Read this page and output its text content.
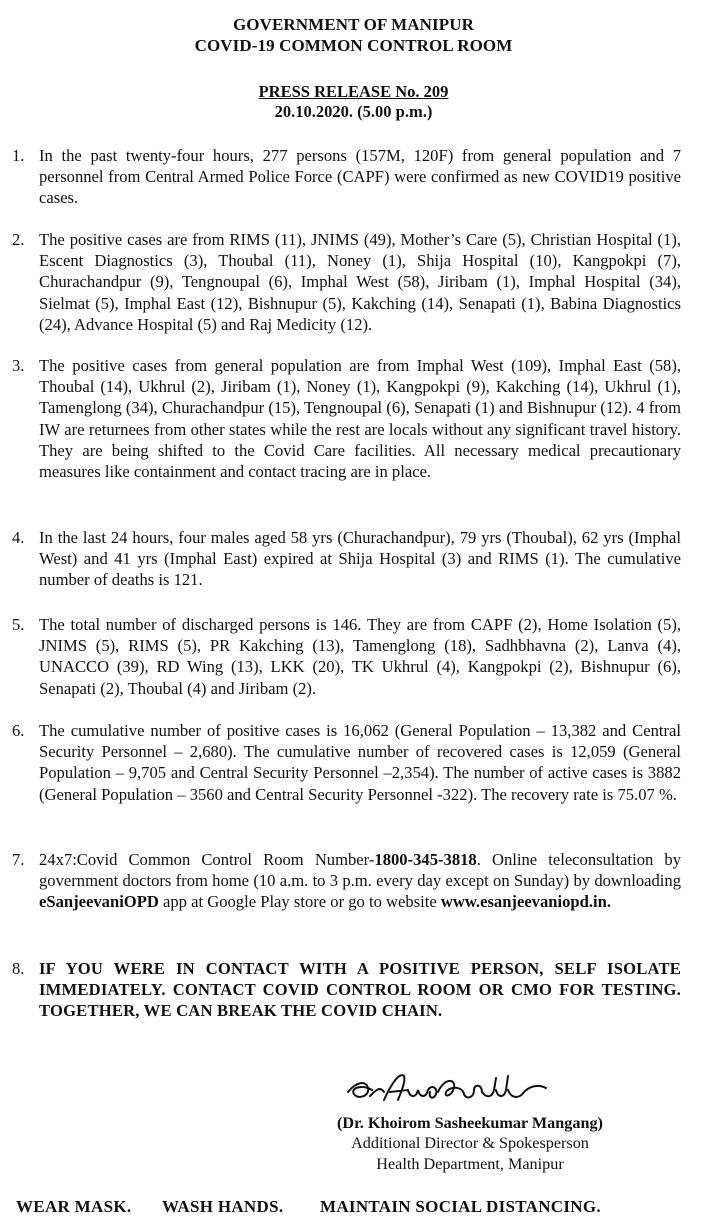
GOVERNMENT OF MANIPUR
COVID-19 COMMON CONTROL ROOM
PRESS RELEASE No. 209
20.10.2020. (5.00 p.m.)
1. In the past twenty-four hours, 277 persons (157M, 120F) from general population and 7 personnel from Central Armed Police Force (CAPF) were confirmed as new COVID19 positive cases.
2. The positive cases are from RIMS (11), JNIMS (49), Mother’s Care (5), Christian Hospital (1), Escent Diagnostics (3), Thoubal (11), Noney (1), Shija Hospital (10), Kangpokpi (7), Churachandpur (9), Tengnoupal (6), Imphal West (58), Jiribam (1), Imphal Hospital (34), Sielmat (5), Imphal East (12), Bishnupur (5), Kakching (14), Senapati (1), Babina Diagnostics (24), Advance Hospital (5) and Raj Medicity (12).
3. The positive cases from general population are from Imphal West (109), Imphal East (58), Thoubal (14), Ukhrul (2), Jiribam (1), Noney (1), Kangpokpi (9), Kakching (14), Ukhrul (1), Tamenglong (34), Churachandpur (15), Tengnoupal (6), Senapati (1) and Bishnupur (12). 4 from IW are returnees from other states while the rest are locals without any significant travel history. They are being shifted to the Covid Care facilities. All necessary medical precautionary measures like containment and contact tracing are in place.
4. In the last 24 hours, four males aged 58 yrs (Churachandpur), 79 yrs (Thoubal), 62 yrs (Imphal West) and 41 yrs (Imphal East) expired at Shija Hospital (3) and RIMS (1). The cumulative number of deaths is 121.
5. The total number of discharged persons is 146. They are from CAPF (2), Home Isolation (5), JNIMS (5), RIMS (5), PR Kakching (13), Tamenglong (18), Sadhbhavna (2), Lanva (4), UNACCO (39), RD Wing (13), LKK (20), TK Ukhrul (4), Kangpokpi (2), Bishnupur (6), Senapati (2), Thoubal (4) and Jiribam (2).
6. The cumulative number of positive cases is 16,062 (General Population – 13,382 and Central Security Personnel – 2,680). The cumulative number of recovered cases is 12,059 (General Population – 9,705 and Central Security Personnel –2,354). The number of active cases is 3882 (General Population – 3560 and Central Security Personnel -322). The recovery rate is 75.07 %.
7. 24x7:Covid Common Control Room Number-1800-345-3818. Online teleconsultation by government doctors from home (10 a.m. to 3 p.m. every day except on Sunday) by downloading eSanjeevaniOPD app at Google Play store or go to website www.esanjeevaniopd.in.
8. IF YOU WERE IN CONTACT WITH A POSITIVE PERSON, SELF ISOLATE IMMEDIATELY. CONTACT COVID CONTROL ROOM OR CMO FOR TESTING. TOGETHER, WE CAN BREAK THE COVID CHAIN.
(Dr. Khoirom Sasheekumar Mangang)
Additional Director & Spokesperson
Health Department, Manipur
WEAR MASK. WASH HANDS. MAINTAIN SOCIAL DISTANCING.
